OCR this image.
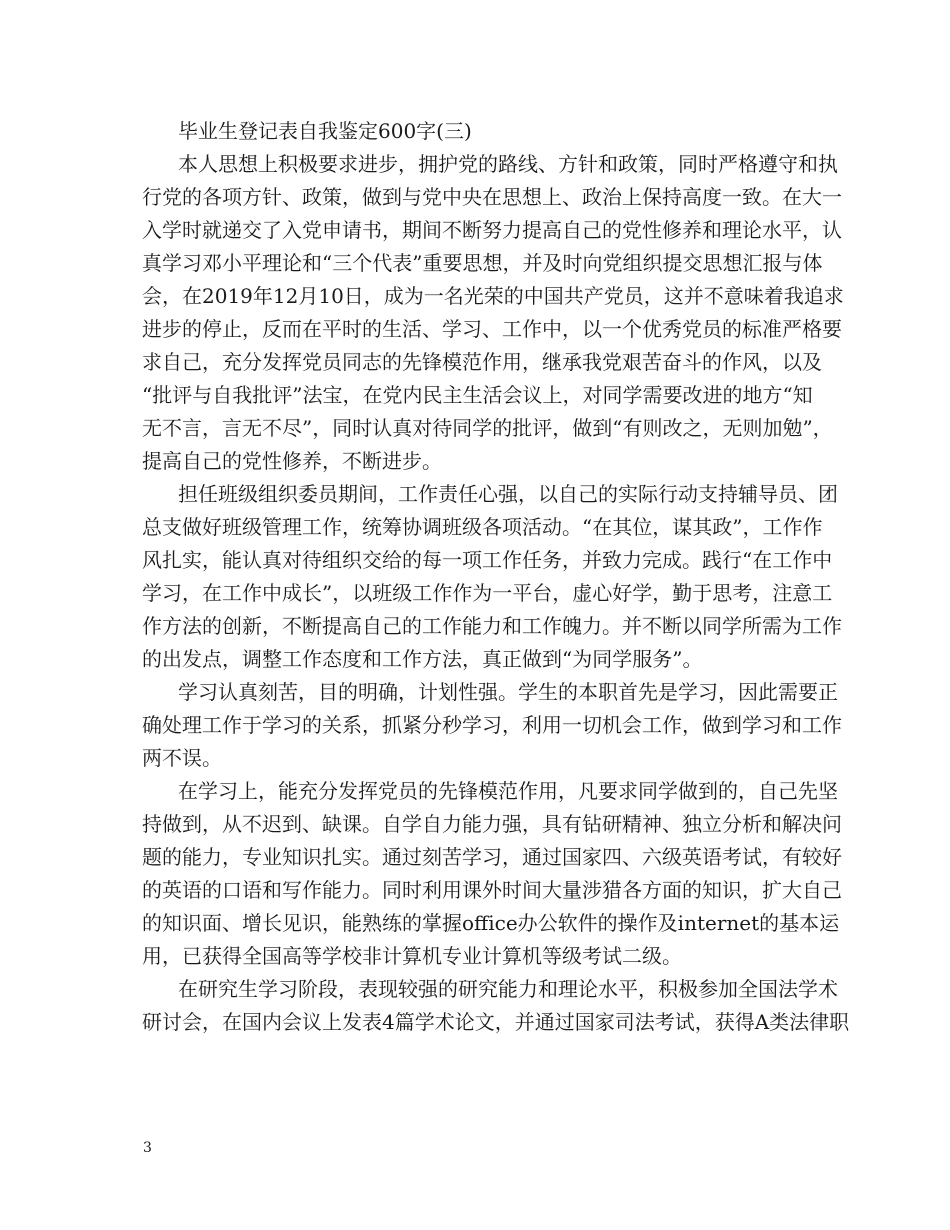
毕业生登记表自我鉴定600字(三)
本人思想上积极要求进步，拥护党的路线、方针和政策，同时严格遵守和执
行党的各项方针、政策，做到与党中央在思想上、政治上保持高度一致。在大一
入学时就递交了入党申请书，期间不断努力提高自己的党性修养和理论水平，认
真学习邓小平理论和“三个代表”重要思想，并及时向党组织提交思想汇报与体
会，在2019年12月10日，成为一名光荣的中国共产党员，这并不意味着我追求
进步的停止，反而在平时的生活、学习、工作中，以一个优秀党员的标准严格要
求自己，充分发挥党员同志的先锋模范作用，继承我党艰苦奋斗的作风，以及
“批评与自我批评”法宝，在党内民主生活会议上，对同学需要改进的地方“知
无不言，言无不尽”，同时认真对待同学的批评，做到“有则改之，无则加勉”，
提高自己的党性修养，不断进步。
担任班级组织委员期间，工作责任心强，以自己的实际行动支持辅导员、团
总支做好班级管理工作，统筹协调班级各项活动。“在其位，谋其政”，工作作
风扎实，能认真对待组织交给的每一项工作任务，并致力完成。践行“在工作中
学习，在工作中成长”，以班级工作作为一平台，虚心好学，勤于思考，注意工
作方法的创新，不断提高自己的工作能力和工作魄力。并不断以同学所需为工作
的出发点，调整工作态度和工作方法，真正做到“为同学服务”。
学习认真刻苦，目的明确，计划性强。学生的本职首先是学习，因此需要正
确处理工作于学习的关系，抓紧分秒学习，利用一切机会工作，做到学习和工作
两不误。
在学习上，能充分发挥党员的先锋模范作用，凡要求同学做到的，自己先坚
持做到，从不迟到、缺课。自学自力能力强，具有钻研精神、独立分析和解决问
题的能力，专业知识扎实。通过刻苦学习，通过国家四、六级英语考试，有较好
的英语的口语和写作能力。同时利用课外时间大量涉猎各方面的知识，扩大自己
的知识面、增长见识，能熟练的掌握office办公软件的操作及internet的基本运
用，已获得全国高等学校非计算机专业计算机等级考试二级。
在研究生学习阶段，表现较强的研究能力和理论水平，积极参加全国法学术
研讨会，在国内会议上发表4篇学术论文，并通过国家司法考试，获得A类法律职
3
